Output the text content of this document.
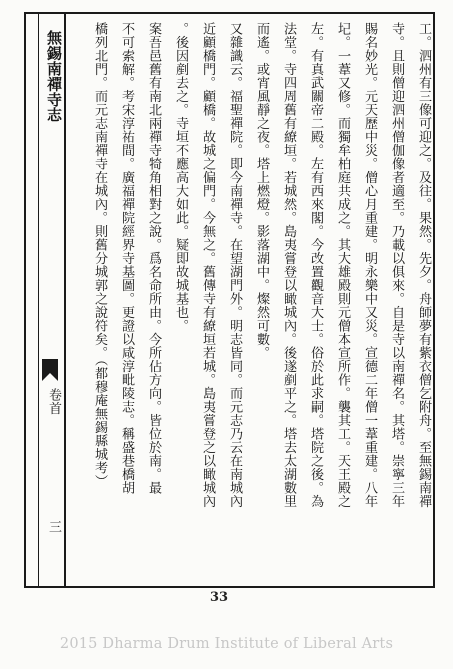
無錫南禪寺志
卷首
三
工。泗州有三像可迎之。及往。果然。先夕。舟師夢有紫衣僧乞附舟。至無錫南禪
寺。且則僧迎泗州僧伽像者適至。乃載以俱來。自是寺以南禪名。其塔。崇寧三年
賜名妙光。元天歷中災。僧心月重建。明永樂中又災。宣德二年僧一葦重建。八年
圮。一葦又修。而獨牟柏庭共成之。其大雄殿則元僧本宣所作。襲其工。天王殿之
左。有真武關帝二殿。左有西來閣。今改置觀音大士。俗於此求嗣。塔院之後。為
法堂。寺四周舊有繚垣。若城然。島夷嘗登以瞰城內。後遂剷平之。塔去太湖數里
而遙。或宵風靜之夜。塔上燃燈。影落湖中。燦然可數。
又雜識云。福聖禪院。即今南禪寺。在望湖門外。明志皆同。而元志乃云在南城內
近顧橋門。顧橋。故城之偏門。今無之。舊傳寺有繚垣若城。島夷嘗登之以瞰城內
。後因剷去之。寺垣不應高大如此。疑即故城基也。
案吾邑舊有南北兩禪寺犄角相對之說。爲名命所由。今所佔方向。皆位於南。最
不可索解。考宋淳祐間。廣福禪院經界寺基圖。更證以咸淳毗陵志。稱盛巷橋胡
橋列北門。而元志南禪寺在城內。則舊分城郭之說符矣。（都穆庵無錫縣城考）
33
2015 Dharma Drum Institute of Liberal Arts
